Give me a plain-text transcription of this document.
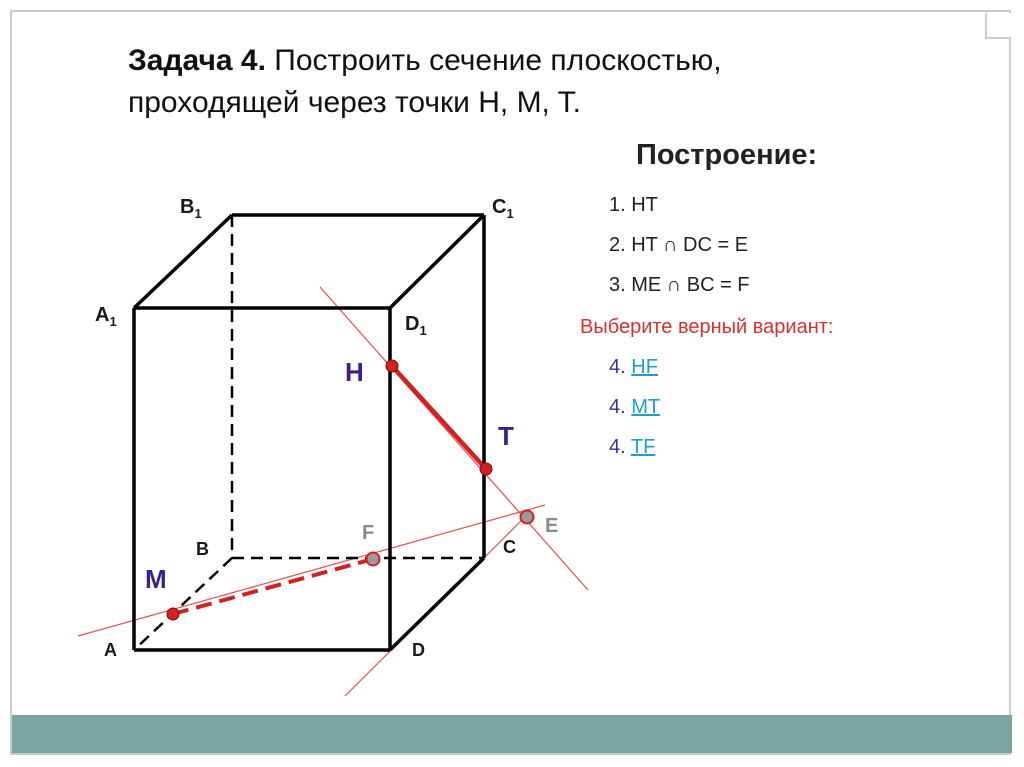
Задача 4. Построить сечение плоскостью,
проходящей через точки H, M, T.
Построение:
1. HT
2. HT ∩ DC = E
3. ME ∩ BC = F
Выберите верный вариант:
4. HF
4. MT
4. TF
$B_1$	$C_1$
$A_1$	$D_1$
B	C
A	D
H
T
M
F	E
